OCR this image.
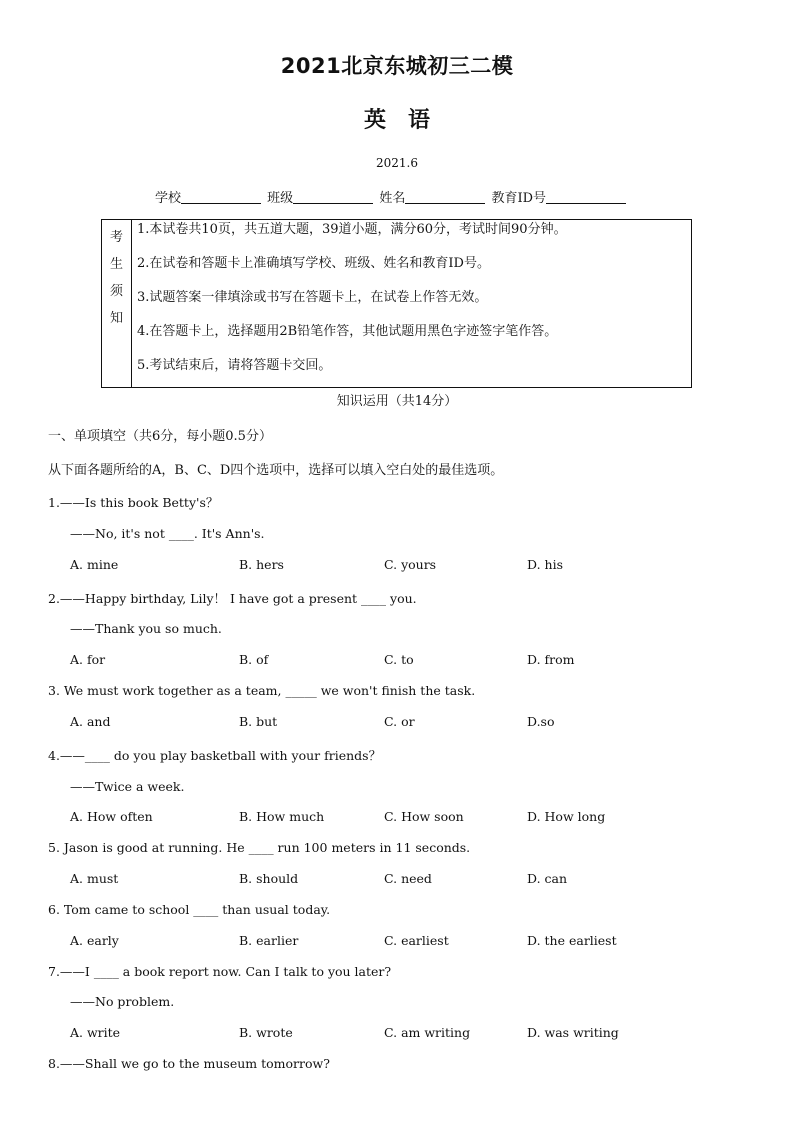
2021北京东城初三二模
英　语
2021.6
学校	班级	姓名	教育ID号
考
生
须
知
1.本试卷共10页，共五道大题，39道小题，满分60分，考试时间90分钟。
2.在试卷和答题卡上准确填写学校、班级、姓名和教育ID号。
3.试题答案一律填涂或书写在答题卡上，在试卷上作答无效。
4.在答题卡上，选择题用2B铅笔作答，其他试题用黑色字迹签字笔作答。
5.考试结束后，请将答题卡交回。
知识运用（共14分）
一、单项填空（共6分，每小题0.5分）
从下面各题所给的A，B、C、D四个选项中，选择可以填入空白处的最佳选项。
1.——Is this book Betty's？
——No, it's not ____. It's Ann's.
A. mine	B. hers	C. yours	D. his
2.——Happy birthday, Lily！ I have got a present ____ you.
——Thank you so much.
A. for	B. of	C. to	D. from
3. We must work together as a team, _____ we won't finish the task.
A. and	B. but	C. or	D.so
4.——____ do you play basketball with your friends？
——Twice a week.
A. How often	B. How much	C. How soon	D. How long
5. Jason is good at running. He ____ run 100 meters in 11 seconds.
A. must	B. should	C. need	D. can
6. Tom came to school ____ than usual today.
A. early	B. earlier	C. earliest	D. the earliest
7.——I ____ a book report now. Can I talk to you later?
——No problem.
A. write	B. wrote	C. am writing	D. was writing
8.——Shall we go to the museum tomorrow?
